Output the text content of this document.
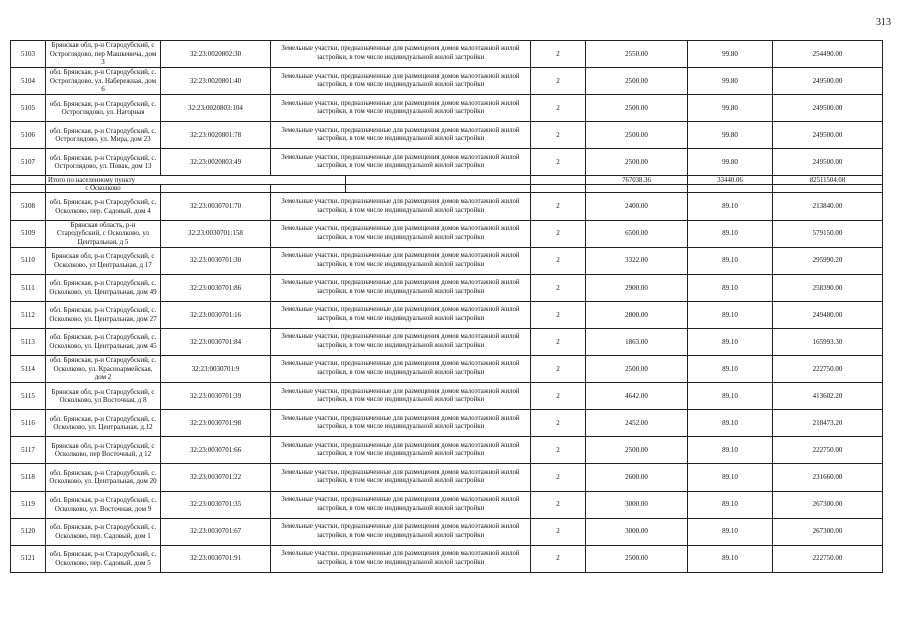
313
5103	Брянская обл, р-н Стародубский, с Остроглядово, пер Машкевича, дом 3	32:23:0020802:30	Земельные участки, предназначенные для размещения домов малоэтажной жилой застройки, в том числе индивидуальной жилой застройки		2	2550.00	99.80	254490.00
5104	обл. Брянская, р-н Стародубский, с. Остроглядово, ул. Набережная, дом 6	32:23:0020801:40	Земельные участки, предназначенные для размещения домов малоэтажной жилой застройки, в том числе индивидуальной жилой застройки		2	2500.00	99.80	249500.00
5105	обл. Брянская, р-н Стародубский, с. Остроглядово, ул. Нагорная	32:23:0020803:104	Земельные участки, предназначенные для размещения домов малоэтажной жилой застройки, в том числе индивидуальной жилой застройки		2	2500.00	99.80	249500.00
5106	обл. Брянская, р-н Стародубский, с. Остроглядово, ул. Мира, дом 23	32:23:0020801:78	Земельные участки, предназначенные для размещения домов малоэтажной жилой застройки, в том числе индивидуальной жилой застройки		2	2500.00	99.80	249500.00
5107	обл. Брянская, р-н Стародубский, с. Остроглядово, ул. Повак, дом 13	32:23:0020803:49	Земельные участки, предназначенные для размещения домов малоэтажной жилой застройки, в том числе индивидуальной жилой застройки		2	2500.00	99.80	249500.00
	Итого по населенному пункту					767038.36	33440.06	82511504.08
	с Осколково							
5108	обл. Брянская, р-н Стародубский, с. Осколково, пер. Садовый, дом 4	32:23:0030701:70	Земельные участки, предназначенные для размещения домов малоэтажной жилой застройки, в том числе индивидуальной жилой застройки		2	2400.00	89.10	213840.00
5109	Брянская область, р-н Стародубский, с Осколково, ул Центральная, д 5	32:23:0030701:158	Земельные участки, предназначенные для размещения домов малоэтажной жилой застройки, в том числе индивидуальной жилой застройки		2	6500.00	89.10	579150.00
5110	Брянская обл, р-н Стародубский, с Осколково, ул Центральная, д 17	32:23:0030701:30	Земельные участки, предназначенные для размещения домов малоэтажной жилой застройки, в том числе индивидуальной жилой застройки		2	3322.00	89.10	295990.20
5111	обл. Брянская, р-н Стародубский, с. Осколково, ул. Центральная, дом 49	32:23:0030701:86	Земельные участки, предназначенные для размещения домов малоэтажной жилой застройки, в том числе индивидуальной жилой застройки		2	2900.00	89.10	258390.00
5112	обл. Брянская, р-н Стародубский, с. Осколково, ул. Центральная, дом 27	32:23:0030701:16	Земельные участки, предназначенные для размещения домов малоэтажной жилой застройки, в том числе индивидуальной жилой застройки		2	2800.00	89.10	249480.00
5113	обл. Брянская, р-н Стародубский, с. Осколково, ул. Центральная, дом 45	32:23:0030701:84	Земельные участки, предназначенные для размещения домов малоэтажной жилой застройки, в том числе индивидуальной жилой застройки		2	1863.00	89.10	165993.30
5114	обл. Брянская, р-н Стародубский, с. Осколково, ул. Красноармейская, дом 2	32:23:0030701:9	Земельные участки, предназначенные для размещения домов малоэтажной жилой застройки, в том числе индивидуальной жилой застройки		2	2500.00	89.10	222750.00
5115	Брянская обл, р-н Стародубский, с Осколково, ул Восточная, д 8	32:23:0030701:39	Земельные участки, предназначенные для размещения домов малоэтажной жилой застройки, в том числе индивидуальной жилой застройки		2	4642.00	89.10	413602.20
5116	обл. Брянская, р-н Стародубский, с. Осколково, ул. Центральная, д.12	32:23:0030701:98	Земельные участки, предназначенные для размещения домов малоэтажной жилой застройки, в том числе индивидуальной жилой застройки		2	2452.00	89.10	218473.20
5117	Брянская обл, р-н Стародубский, с Осколково, пер Восточный, д 12	32:23:0030701:66	Земельные участки, предназначенные для размещения домов малоэтажной жилой застройки, в том числе индивидуальной жилой застройки		2	2500.00	89.10	222750.00
5118	обл. Брянская, р-н Стародубский, с. Осколково, ул. Центральная, дом 20	32:23:0030701:22	Земельные участки, предназначенные для размещения домов малоэтажной жилой застройки, в том числе индивидуальной жилой застройки		2	2600.00	89.10	231660.00
5119	обл. Брянская, р-н Стародубский, с. Осколково, ул. Восточная, дом 9	32:23:0030701:35	Земельные участки, предназначенные для размещения домов малоэтажной жилой застройки, в том числе индивидуальной жилой застройки		2	3000.00	89.10	267300.00
5120	обл. Брянская, р-н Стародубский, с. Осколково, пер. Садовый, дом 1	32:23:0030701:67	Земельные участки, предназначенные для размещения домов малоэтажной жилой застройки, в том числе индивидуальной жилой застройки		2	3000.00	89.10	267300.00
5121	обл. Брянская, р-н Стародубский, с. Осколково, пер. Садовый, дом 5	32:23:0030701:91	Земельные участки, предназначенные для размещения домов малоэтажной жилой застройки, в том числе индивидуальной жилой застройки		2	2500.00	89.10	222750.00
